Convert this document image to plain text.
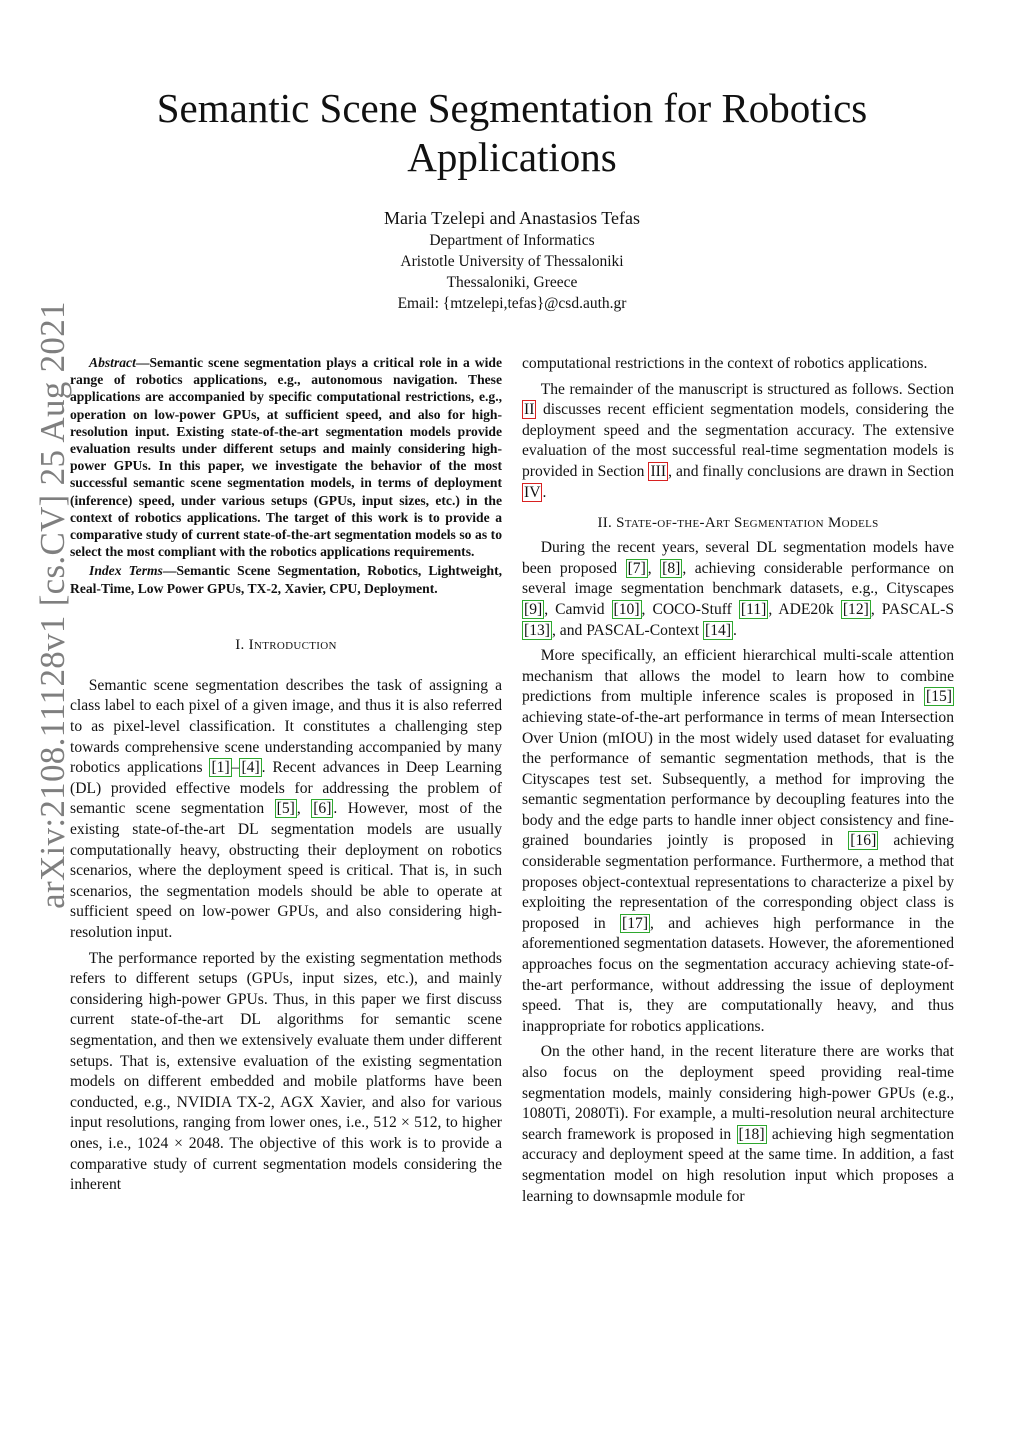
arXiv:2108.11128v1 [cs.CV] 25 Aug 2021
Semantic Scene Segmentation for Robotics Applications
Maria Tzelepi and Anastasios Tefas
Department of Informatics
Aristotle University of Thessaloniki
Thessaloniki, Greece
Email: {mtzelepi,tefas}@csd.auth.gr

Abstract—Semantic scene segmentation plays a critical role in a wide range of robotics applications, e.g., autonomous navigation. These applications are accompanied by specific computational restrictions, e.g., operation on low-power GPUs, at sufficient speed, and also for high-resolution input. Existing state-of-the-art segmentation models provide evaluation results under different setups and mainly considering high-power GPUs. In this paper, we investigate the behavior of the most successful semantic scene segmentation models, in terms of deployment (inference) speed, under various setups (GPUs, input sizes, etc.) in the context of robotics applications. The target of this work is to provide a comparative study of current state-of-the-art segmentation models so as to select the most compliant with the robotics applications requirements.

Index Terms—Semantic Scene Segmentation, Robotics, Lightweight, Real-Time, Low Power GPUs, TX-2, Xavier, CPU, Deployment.

I. Introduction

Semantic scene segmentation describes the task of assigning a class label to each pixel of a given image, and thus it is also referred to as pixel-level classification. It constitutes a challenging step towards comprehensive scene understanding accompanied by many robotics applications [1] – [4] . Recent advances in Deep Learning (DL) provided effective models for addressing the problem of semantic scene segmentation [5] , [6] . However, most of the existing state-of-the-art DL segmentation models are usually computationally heavy, obstructing their deployment on robotics scenarios, where the deployment speed is critical. That is, in such scenarios, the segmentation models should be able to operate at sufficient speed on low-power GPUs, and also considering high-resolution input.

The performance reported by the existing segmentation methods refers to different setups (GPUs, input sizes, etc.), and mainly considering high-power GPUs. Thus, in this paper we first discuss current state-of-the-art DL algorithms for semantic scene segmentation, and then we extensively evaluate them under different setups. That is, extensive evaluation of the existing segmentation models on different embedded and mobile platforms have been conducted, e.g., NVIDIA TX-2, AGX Xavier, and also for various input resolutions, ranging from lower ones, i.e., 512 × 512, to higher ones, i.e., 1024 × 2048. The objective of this work is to provide a comparative study of current segmentation models considering the inherent

computational restrictions in the context of robotics applications.

The remainder of the manuscript is structured as follows. Section II discusses recent efficient segmentation models, considering the deployment speed and the segmentation accuracy. The extensive evaluation of the most successful real-time segmentation models is provided in Section III , and finally conclusions are drawn in Section IV .

II. State-of-the-Art Segmentation Models

During the recent years, several DL segmentation models have been proposed [7] , [8] , achieving considerable performance on several image segmentation benchmark datasets, e.g., Cityscapes [9] , Camvid [10] , COCO-Stuff [11] , ADE20k [12] , PASCAL-S [13] , and PASCAL-Context [14] .

More specifically, an efficient hierarchical multi-scale attention mechanism that allows the model to learn how to combine predictions from multiple inference scales is proposed in [15] achieving state-of-the-art performance in terms of mean Intersection Over Union (mIOU) in the most widely used dataset for evaluating the performance of semantic segmentation methods, that is the Cityscapes test set. Subsequently, a method for improving the semantic segmentation performance by decoupling features into the body and the edge parts to handle inner object consistency and fine-grained boundaries jointly is proposed in [16] achieving considerable segmentation performance. Furthermore, a method that proposes object-contextual representations to characterize a pixel by exploiting the representation of the corresponding object class is proposed in [17] , and achieves high performance in the aforementioned segmentation datasets. However, the aforementioned approaches focus on the segmentation accuracy achieving state-of-the-art performance, without addressing the issue of deployment speed. That is, they are computationally heavy, and thus inappropriate for robotics applications.

On the other hand, in the recent literature there are works that also focus on the deployment speed providing real-time segmentation models, mainly considering high-power GPUs (e.g., 1080Ti, 2080Ti). For example, a multi-resolution neural architecture search framework is proposed in [18] achieving high segmentation accuracy and deployment speed at the same time. In addition, a fast segmentation model on high resolution input which proposes a learning to downsapmle module for
